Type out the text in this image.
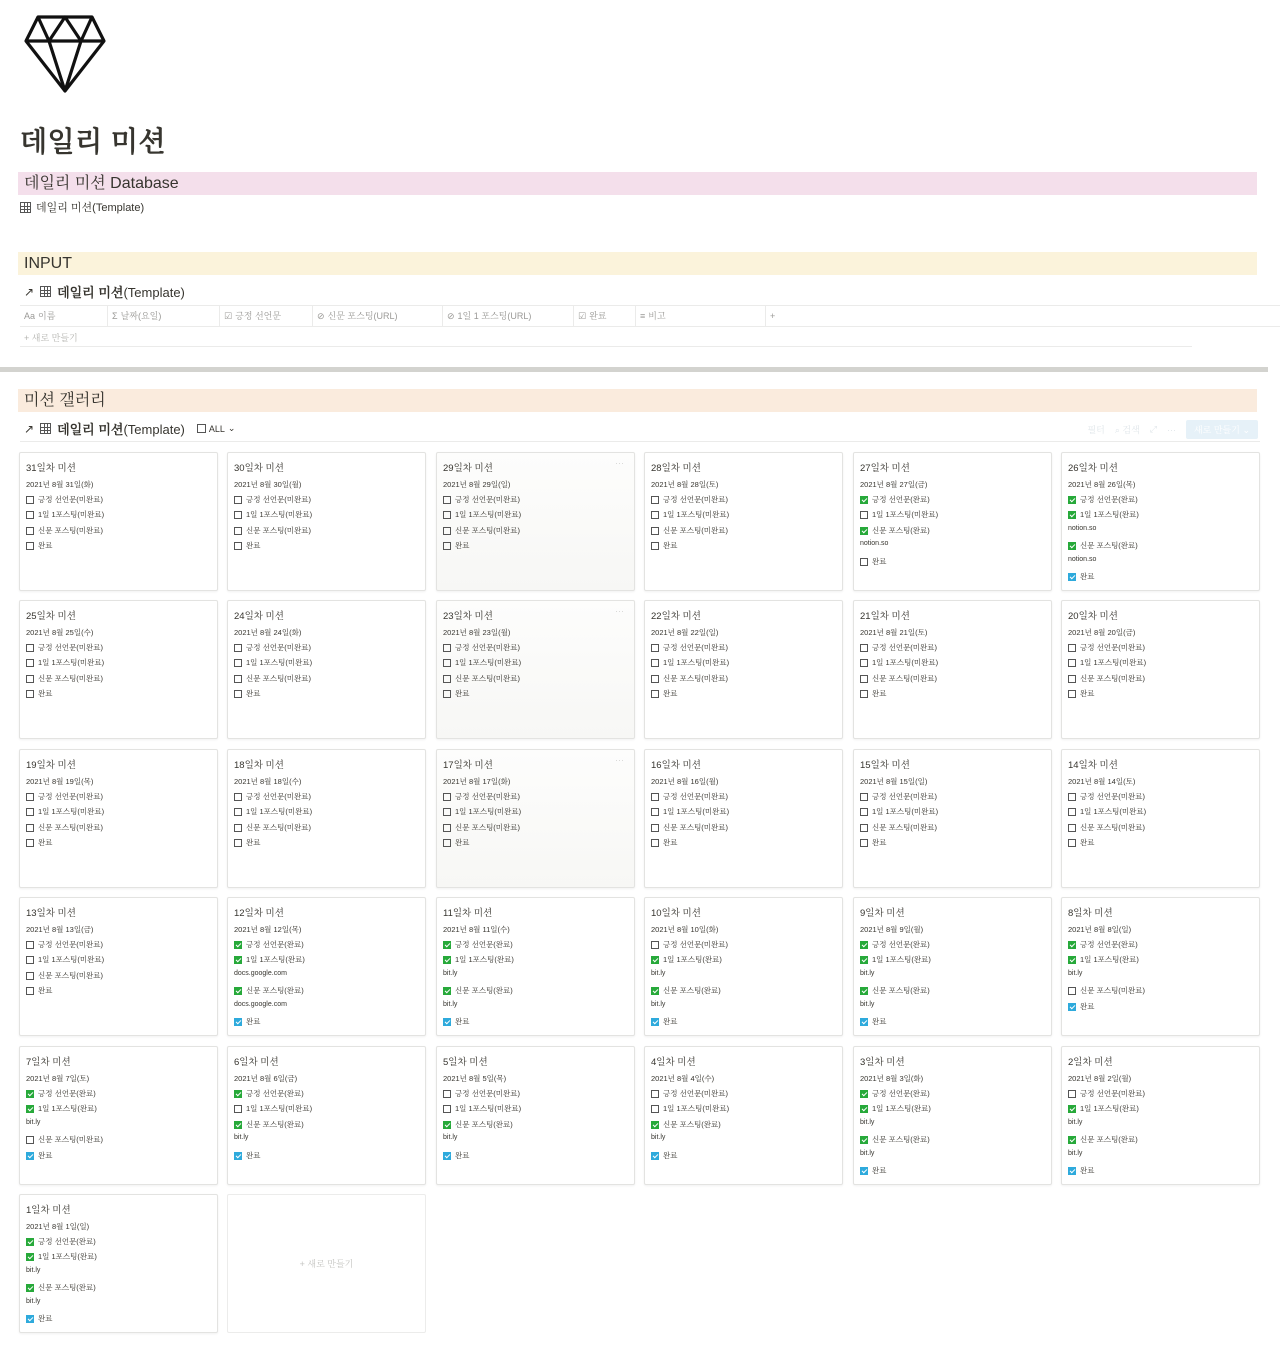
데일리 미션
데일리 미션 Database
데일리 미션(Template)
INPUT
↗ 데일리 미션(Template)
Aa 이름	Σ 날짜(요일)	☑ 긍정 선언문	⊘ 신문 포스팅(URL)	⊘ 1일 1 포스팅(URL)	☑ 완료	≡ 비고	+
+ 새로 만들기
미션 갤러리
↗ 데일리 미션(Template)	ALL ⌄	필터 ⌕ 검색 ⤢ ···	새로 만들기 ⌄
31일차 미션
2021년 8월 31일(화)
긍정 선언문(미완료)
1일 1포스팅(미완료)
신문 포스팅(미완료)
완료
30일차 미션
2021년 8월 30일(월)
긍정 선언문(미완료)
1일 1포스팅(미완료)
신문 포스팅(미완료)
완료
29일차 미션
2021년 8월 29일(일)
···
긍정 선언문(미완료)
1일 1포스팅(미완료)
신문 포스팅(미완료)
완료
28일차 미션
2021년 8월 28일(토)
긍정 선언문(미완료)
1일 1포스팅(미완료)
신문 포스팅(미완료)
완료
27일차 미션
2021년 8월 27일(금)
긍정 선언문(완료)
1일 1포스팅(미완료)
신문 포스팅(완료)
notion.so
완료
26일차 미션
2021년 8월 26일(목)
긍정 선언문(완료)
1일 1포스팅(완료)
notion.so
신문 포스팅(완료)
notion.so
완료
25일차 미션
2021년 8월 25일(수)
긍정 선언문(미완료)
1일 1포스팅(미완료)
신문 포스팅(미완료)
완료
24일차 미션
2021년 8월 24일(화)
긍정 선언문(미완료)
1일 1포스팅(미완료)
신문 포스팅(미완료)
완료
23일차 미션
2021년 8월 23일(월)
···
긍정 선언문(미완료)
1일 1포스팅(미완료)
신문 포스팅(미완료)
완료
22일차 미션
2021년 8월 22일(일)
긍정 선언문(미완료)
1일 1포스팅(미완료)
신문 포스팅(미완료)
완료
21일차 미션
2021년 8월 21일(토)
긍정 선언문(미완료)
1일 1포스팅(미완료)
신문 포스팅(미완료)
완료
20일차 미션
2021년 8월 20일(금)
긍정 선언문(미완료)
1일 1포스팅(미완료)
신문 포스팅(미완료)
완료
19일차 미션
2021년 8월 19일(목)
긍정 선언문(미완료)
1일 1포스팅(미완료)
신문 포스팅(미완료)
완료
18일차 미션
2021년 8월 18일(수)
긍정 선언문(미완료)
1일 1포스팅(미완료)
신문 포스팅(미완료)
완료
17일차 미션
2021년 8월 17일(화)
···
긍정 선언문(미완료)
1일 1포스팅(미완료)
신문 포스팅(미완료)
완료
16일차 미션
2021년 8월 16일(월)
긍정 선언문(미완료)
1일 1포스팅(미완료)
신문 포스팅(미완료)
완료
15일차 미션
2021년 8월 15일(일)
긍정 선언문(미완료)
1일 1포스팅(미완료)
신문 포스팅(미완료)
완료
14일차 미션
2021년 8월 14일(토)
긍정 선언문(미완료)
1일 1포스팅(미완료)
신문 포스팅(미완료)
완료
13일차 미션
2021년 8월 13일(금)
긍정 선언문(미완료)
1일 1포스팅(미완료)
신문 포스팅(미완료)
완료
12일차 미션
2021년 8월 12일(목)
긍정 선언문(완료)
1일 1포스팅(완료)
docs.google.com
신문 포스팅(완료)
docs.google.com
완료
11일차 미션
2021년 8월 11일(수)
긍정 선언문(완료)
1일 1포스팅(완료)
bit.ly
신문 포스팅(완료)
bit.ly
완료
10일차 미션
2021년 8월 10일(화)
긍정 선언문(미완료)
1일 1포스팅(완료)
bit.ly
신문 포스팅(완료)
bit.ly
완료
9일차 미션
2021년 8월 9일(월)
긍정 선언문(완료)
1일 1포스팅(완료)
bit.ly
신문 포스팅(완료)
bit.ly
완료
8일차 미션
2021년 8월 8일(일)
긍정 선언문(완료)
1일 1포스팅(완료)
bit.ly
신문 포스팅(미완료)
완료
7일차 미션
2021년 8월 7일(토)
긍정 선언문(완료)
1일 1포스팅(완료)
bit.ly
신문 포스팅(미완료)
완료
6일차 미션
2021년 8월 6일(금)
긍정 선언문(완료)
1일 1포스팅(미완료)
신문 포스팅(완료)
bit.ly
완료
5일차 미션
2021년 8월 5일(목)
긍정 선언문(미완료)
1일 1포스팅(미완료)
신문 포스팅(완료)
bit.ly
완료
4일차 미션
2021년 8월 4일(수)
긍정 선언문(미완료)
1일 1포스팅(미완료)
신문 포스팅(완료)
bit.ly
완료
3일차 미션
2021년 8월 3일(화)
긍정 선언문(완료)
1일 1포스팅(완료)
bit.ly
신문 포스팅(완료)
bit.ly
완료
2일차 미션
2021년 8월 2일(월)
긍정 선언문(미완료)
1일 1포스팅(완료)
bit.ly
신문 포스팅(완료)
bit.ly
완료
1일차 미션
2021년 8월 1일(일)
긍정 선언문(완료)
1일 1포스팅(완료)
bit.ly
신문 포스팅(완료)
bit.ly
완료
+ 새로 만들기
